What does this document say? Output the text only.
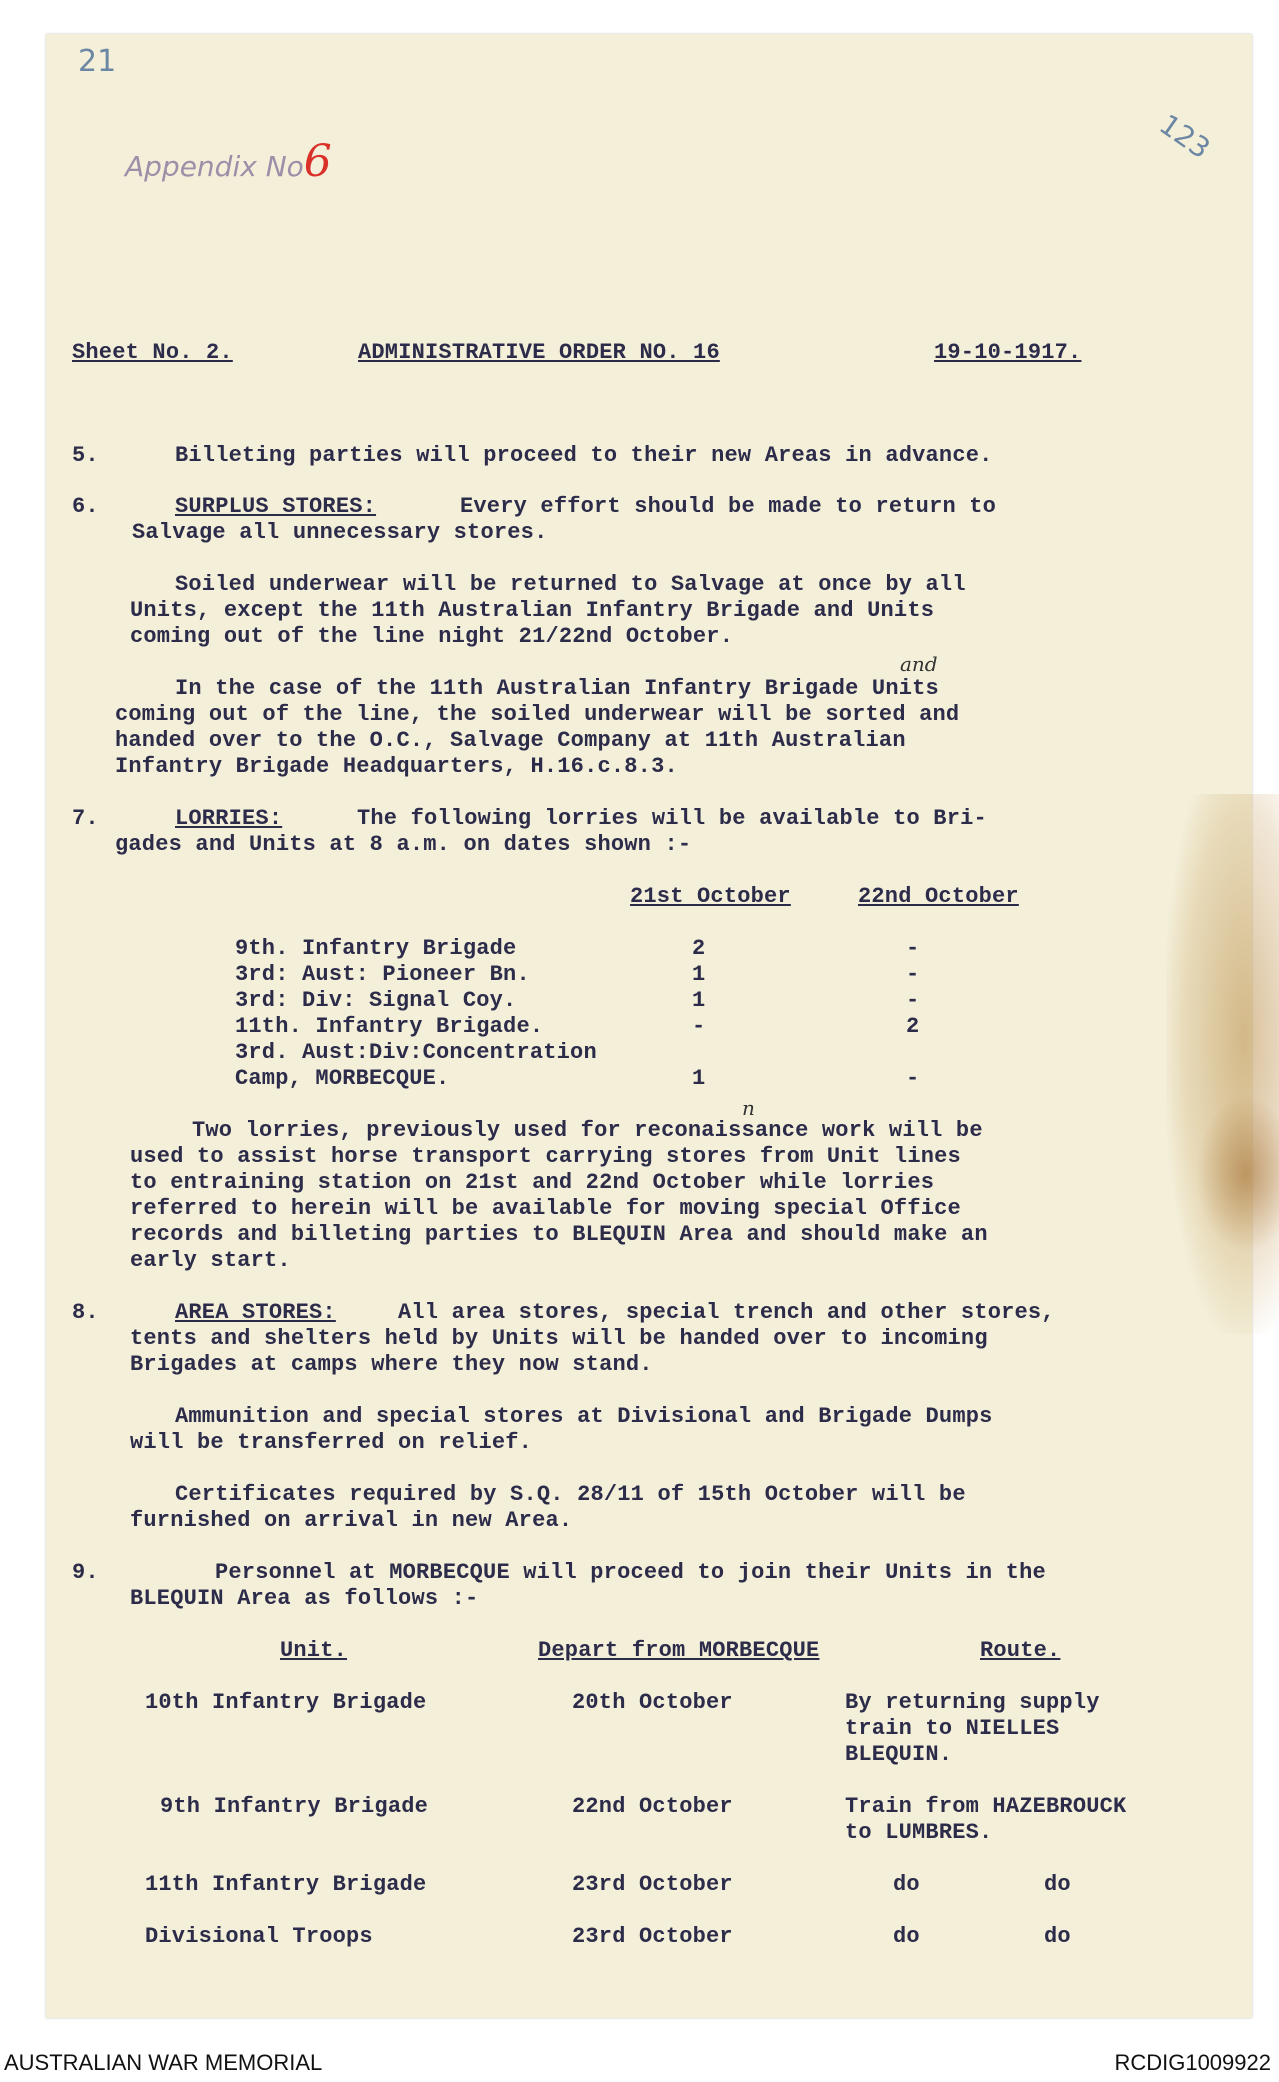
21
123
Appendix No6
Sheet No. 2.	ADMINISTRATIVE ORDER NO. 16	19-10-1917.
5.	Billeting parties will proceed to their new Areas in advance.
6.	SURPLUS STORES:	Every effort should be made to return to
Salvage all unnecessary stores.
Soiled underwear will be returned to Salvage at once by all
Units, except the 11th Australian Infantry Brigade and Units
coming out of the line night 21/22nd October.
and
In the case of the 11th Australian Infantry Brigade Units
coming out of the line, the soiled underwear will be sorted and
handed over to the O.C., Salvage Company at 11th Australian
Infantry Brigade Headquarters, H.16.c.8.3.
7.	LORRIES:	The following lorries will be available to Bri-
gades and Units at 8 a.m. on dates shown :-
21st October	22nd October
9th. Infantry Brigade	2	-
3rd: Aust: Pioneer Bn.	1	-
3rd: Div: Signal Coy.	1	-
11th. Infantry Brigade.	-	2
3rd. Aust:Div:Concentration
Camp, MORBECQUE.	1	-
n
Two lorries, previously used for reconaissance work will be
used to assist horse transport carrying stores from Unit lines
to entraining station on 21st and 22nd October while lorries
referred to herein will be available for moving special Office
records and billeting parties to BLEQUIN Area and should make an
early start.
8.	AREA STORES:	All area stores, special trench and other stores,
tents and shelters held by Units will be handed over to incoming
Brigades at camps where they now stand.
Ammunition and special stores at Divisional and Brigade Dumps
will be transferred on relief.
Certificates required by S.Q. 28/11 of 15th October will be
furnished on arrival in new Area.
9.	Personnel at MORBECQUE will proceed to join their Units in the
BLEQUIN Area as follows :-
Unit.	Depart from MORBECQUE	Route.
10th Infantry Brigade	20th October	By returning supply
train to NIELLES
BLEQUIN.
9th Infantry Brigade	22nd October	Train from HAZEBROUCK
to LUMBRES.
11th Infantry Brigade	23rd October	do	do
Divisional Troops	23rd October	do	do
AUSTRALIAN WAR MEMORIAL	RCDIG1009922
